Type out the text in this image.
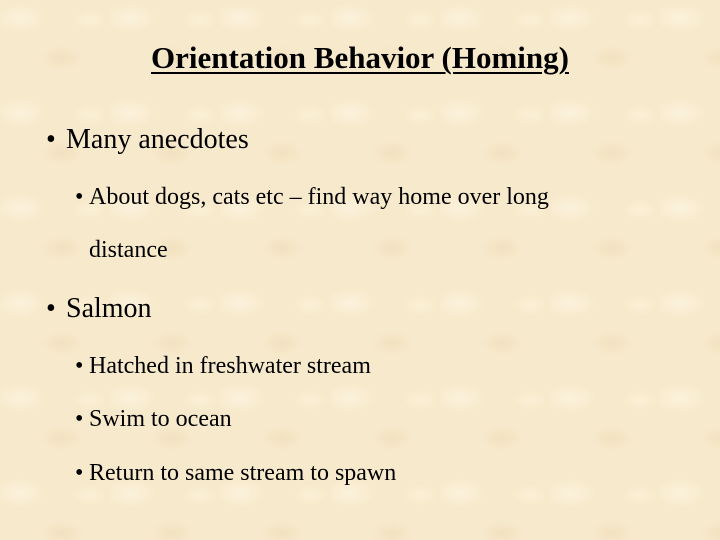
Orientation Behavior (Homing)
• Many anecdotes
• About dogs, cats etc – find way home over long
distance
• Salmon
• Hatched in freshwater stream
• Swim to ocean
• Return to same stream to spawn
